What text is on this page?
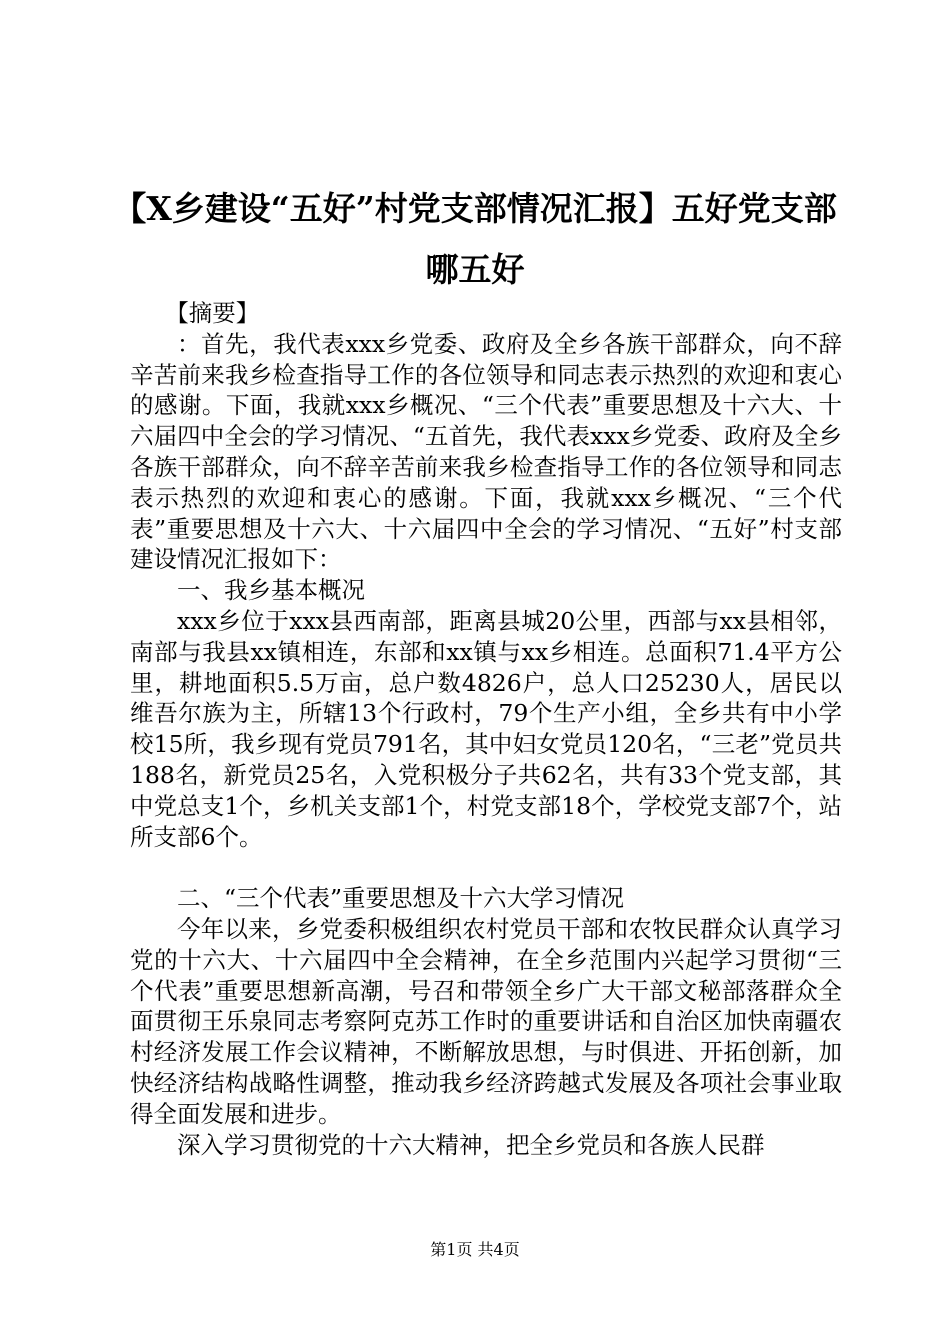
【X乡建设“五好”村党支部情况汇报】五好党支部哪五好

【摘要】

：首先，我代表xxx乡党委、政府及全乡各族干部群众，向不辞辛苦前来我乡检查指导工作的各位领导和同志表示热烈的欢迎和衷心的感谢。下面，我就xxx乡概况、“三个代表”重要思想及十六大、十六届四中全会的学习情况、“五首先，我代表xxx乡党委、政府及全乡各族干部群众，向不辞辛苦前来我乡检查指导工作的各位领导和同志表示热烈的欢迎和衷心的感谢。下面，我就xxx乡概况、“三个代表”重要思想及十六大、十六届四中全会的学习情况、“五好”村支部建设情况汇报如下：

一、我乡基本概况

xxx乡位于xxx县西南部，距离县城20公里，西部与xx县相邻，南部与我县xx镇相连，东部和xx镇与xx乡相连。总面积71.4平方公里，耕地面积5.5万亩，总户数4826户，总人口25230人，居民以维吾尔族为主，所辖13个行政村，79个生产小组，全乡共有中小学校15所，我乡现有党员791名，其中妇女党员120名，“三老”党员共188名，新党员25名，入党积极分子共62名，共有33个党支部，其中党总支1个，乡机关支部1个，村党支部18个，学校党支部7个，站所支部6个。

二、“三个代表”重要思想及十六大学习情况

今年以来，乡党委积极组织农村党员干部和农牧民群众认真学习党的十六大、十六届四中全会精神，在全乡范围内兴起学习贯彻“三个代表”重要思想新高潮，号召和带领全乡广大干部文秘部落群众全面贯彻王乐泉同志考察阿克苏工作时的重要讲话和自治区加快南疆农村经济发展工作会议精神，不断解放思想，与时俱进、开拓创新，加快经济结构战略性调整，推动我乡经济跨越式发展及各项社会事业取得全面发展和进步。

深入学习贯彻党的十六大精神，把全乡党员和各族人民群

第1页 共4页
